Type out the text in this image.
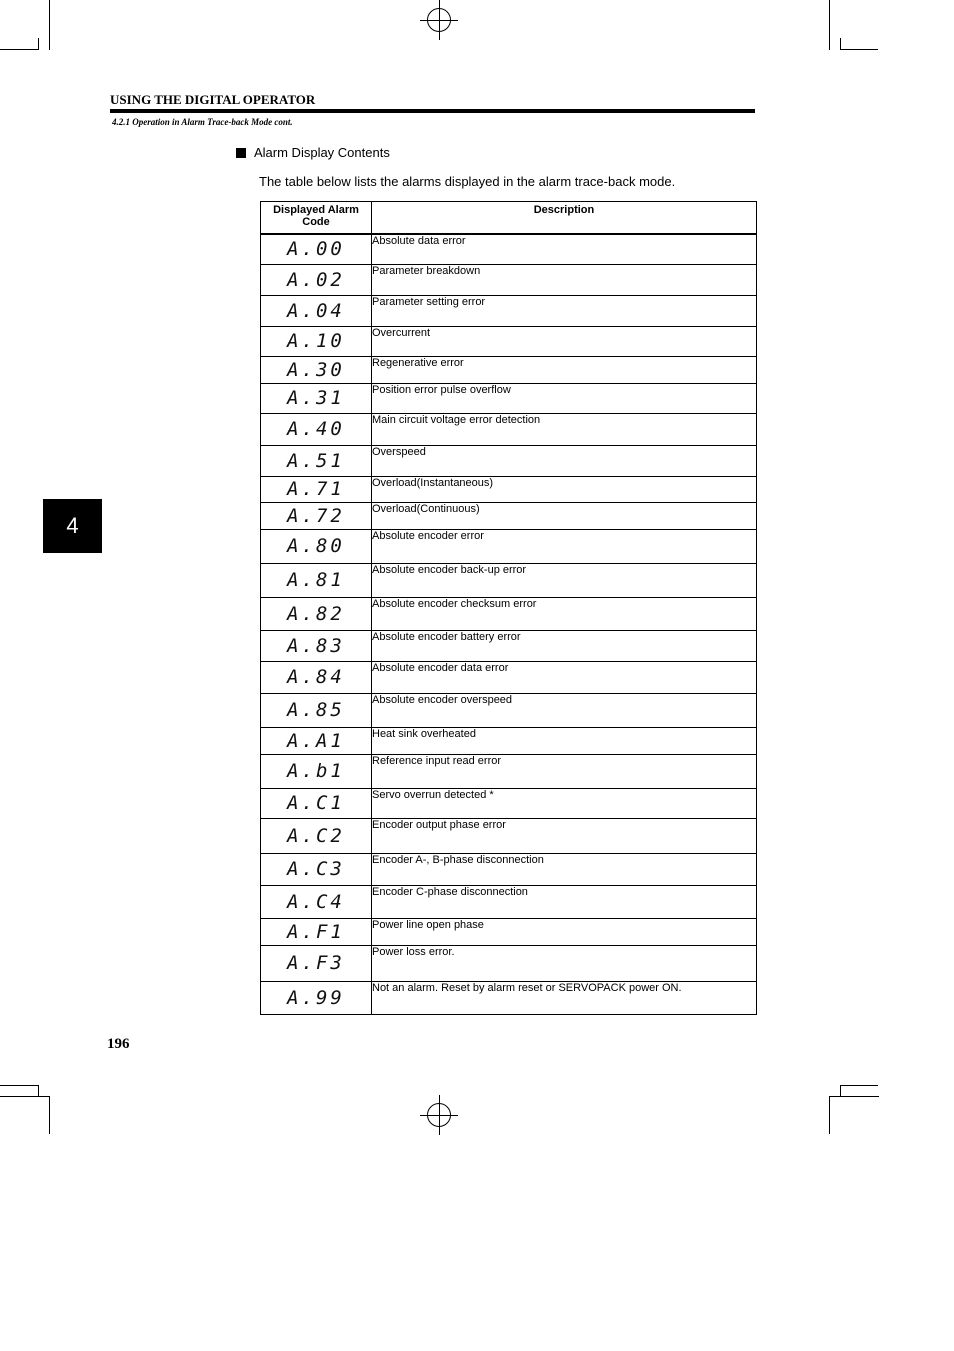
USING THE DIGITAL OPERATOR
4.2.1 Operation in Alarm Trace-back Mode cont.
Alarm Display Contents
The table below lists the alarms displayed in the alarm trace-back mode.
4
Displayed Alarm Code	Description
A.00	Absolute data error
A.02	Parameter breakdown
A.04	Parameter setting error
A.10	Overcurrent
A.30	Regenerative error
A.31	Position error pulse overflow
A.40	Main circuit voltage error detection
A.51	Overspeed
A.71	Overload(Instantaneous)
A.72	Overload(Continuous)
A.80	Absolute encoder error
A.81	Absolute encoder back-up error
A.82	Absolute encoder checksum error
A.83	Absolute encoder battery error
A.84	Absolute encoder data error
A.85	Absolute encoder overspeed
A.A1	Heat sink overheated
A.b1	Reference input read error
A.C1	Servo overrun detected *
A.C2	Encoder output phase error
A.C3	Encoder A-, B-phase disconnection
A.C4	Encoder C-phase disconnection
A.F1	Power line open phase
A.F3	Power loss error.
A.99	Not an alarm. Reset by alarm reset or SERVOPACK power ON.
196
